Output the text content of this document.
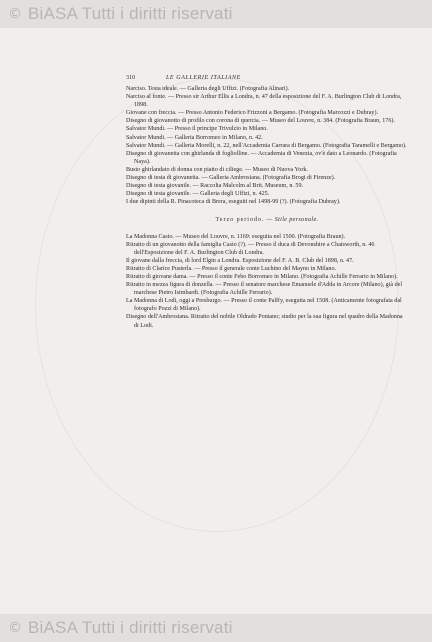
© BiASA Tutti i diritti riservati
310	LE GALLERIE ITALIANE

Narciso. Testa ideale. — Galleria degli Uffizi. (Fotografia Alinari).

Narciso al fonte. — Presso sir Arthur Ellis a Londra, n. 47 della esposizione del F. A. Burlington Club di Londra, 1898.

Giovane con freccia. — Presso Antonio Federico Frizzoni a Bergamo. (Fotografia Marcozzi e Dubray).

Disegno di giovanotto di profilo con corona di quercia. — Museo del Louvre, n. 384. (Fotografia Braun, 176).

Salvator Mundi. — Presso il principe Trivulzio in Milano.

Salvator Mundi. — Galleria Borromeo in Milano, n. 42.

Salvator Mundi. — Galleria Morelli, n. 22, nell'Accademia Carrara di Bergamo. (Fotografia Taramelli e Bergamo).

Disegno di giovanetta con ghirlanda di fogliolline. — Accademia di Venezia, ov'è dato a Leonardo. (Fotografia Naya).

Busto ghirlandato di donna con piatto di ciliege. — Museo di Nuova York.

Disegno di testa di giovanetta. — Galleria Ambrosiana. (Fotografia Brogi di Firenze).

Disegno di testa giovanile. — Raccolta Malcolm al Brit. Museum, n. 59.

Disegno di testa giovanile. — Galleria degli Uffizi, n. 425.

I due dipinti della R. Pinacoteca di Brera, eseguiti nel 1498-99 (?). (Fotografia Dubray).

Terzo periodo. — Stile personale.

La Madonna Casio. — Museo del Louvre, n. 1169: eseguita nel 1500. (Fotografia Braun).

Ritratto di un giovanotto della famiglia Casio (?). — Presso il duca di Devonshire a Chatsworth, n. 46 dell'Esposizione del F. A. Burlington Club di Londra.

Il giovane dalla freccia, di lord Elgin a Londra. Esposizione del F. A. B. Club del 1898, n. 47.

Ritratto di Clarice Pusterla. — Presso il generale conte Luchino del Mayno in Milano.

Ritratto di giovane dama. — Presso il conte Febo Borromeo in Milano. (Fotografia Achille Ferrario in Milano).

Ritratto in mezza figura di donzella. — Presso il senatore marchese Emanuele d'Adda in Arcore (Milano), già del marchese Pietro Isimbardi. (Fotografia Achille Ferrario).

La Madonna di Lodi, oggi a Presburgo. — Presso il conte Palffy, eseguita nel 1508. (Anticamente fotografata dal fotografo Pozzi di Milano).

Disegno dell'Ambrosiana. Ritratto del nobile Oldrado Pontano; studio per la sua figura nel quadro della Madonna di Lodi.

© BiASA Tutti i diritti riservati
